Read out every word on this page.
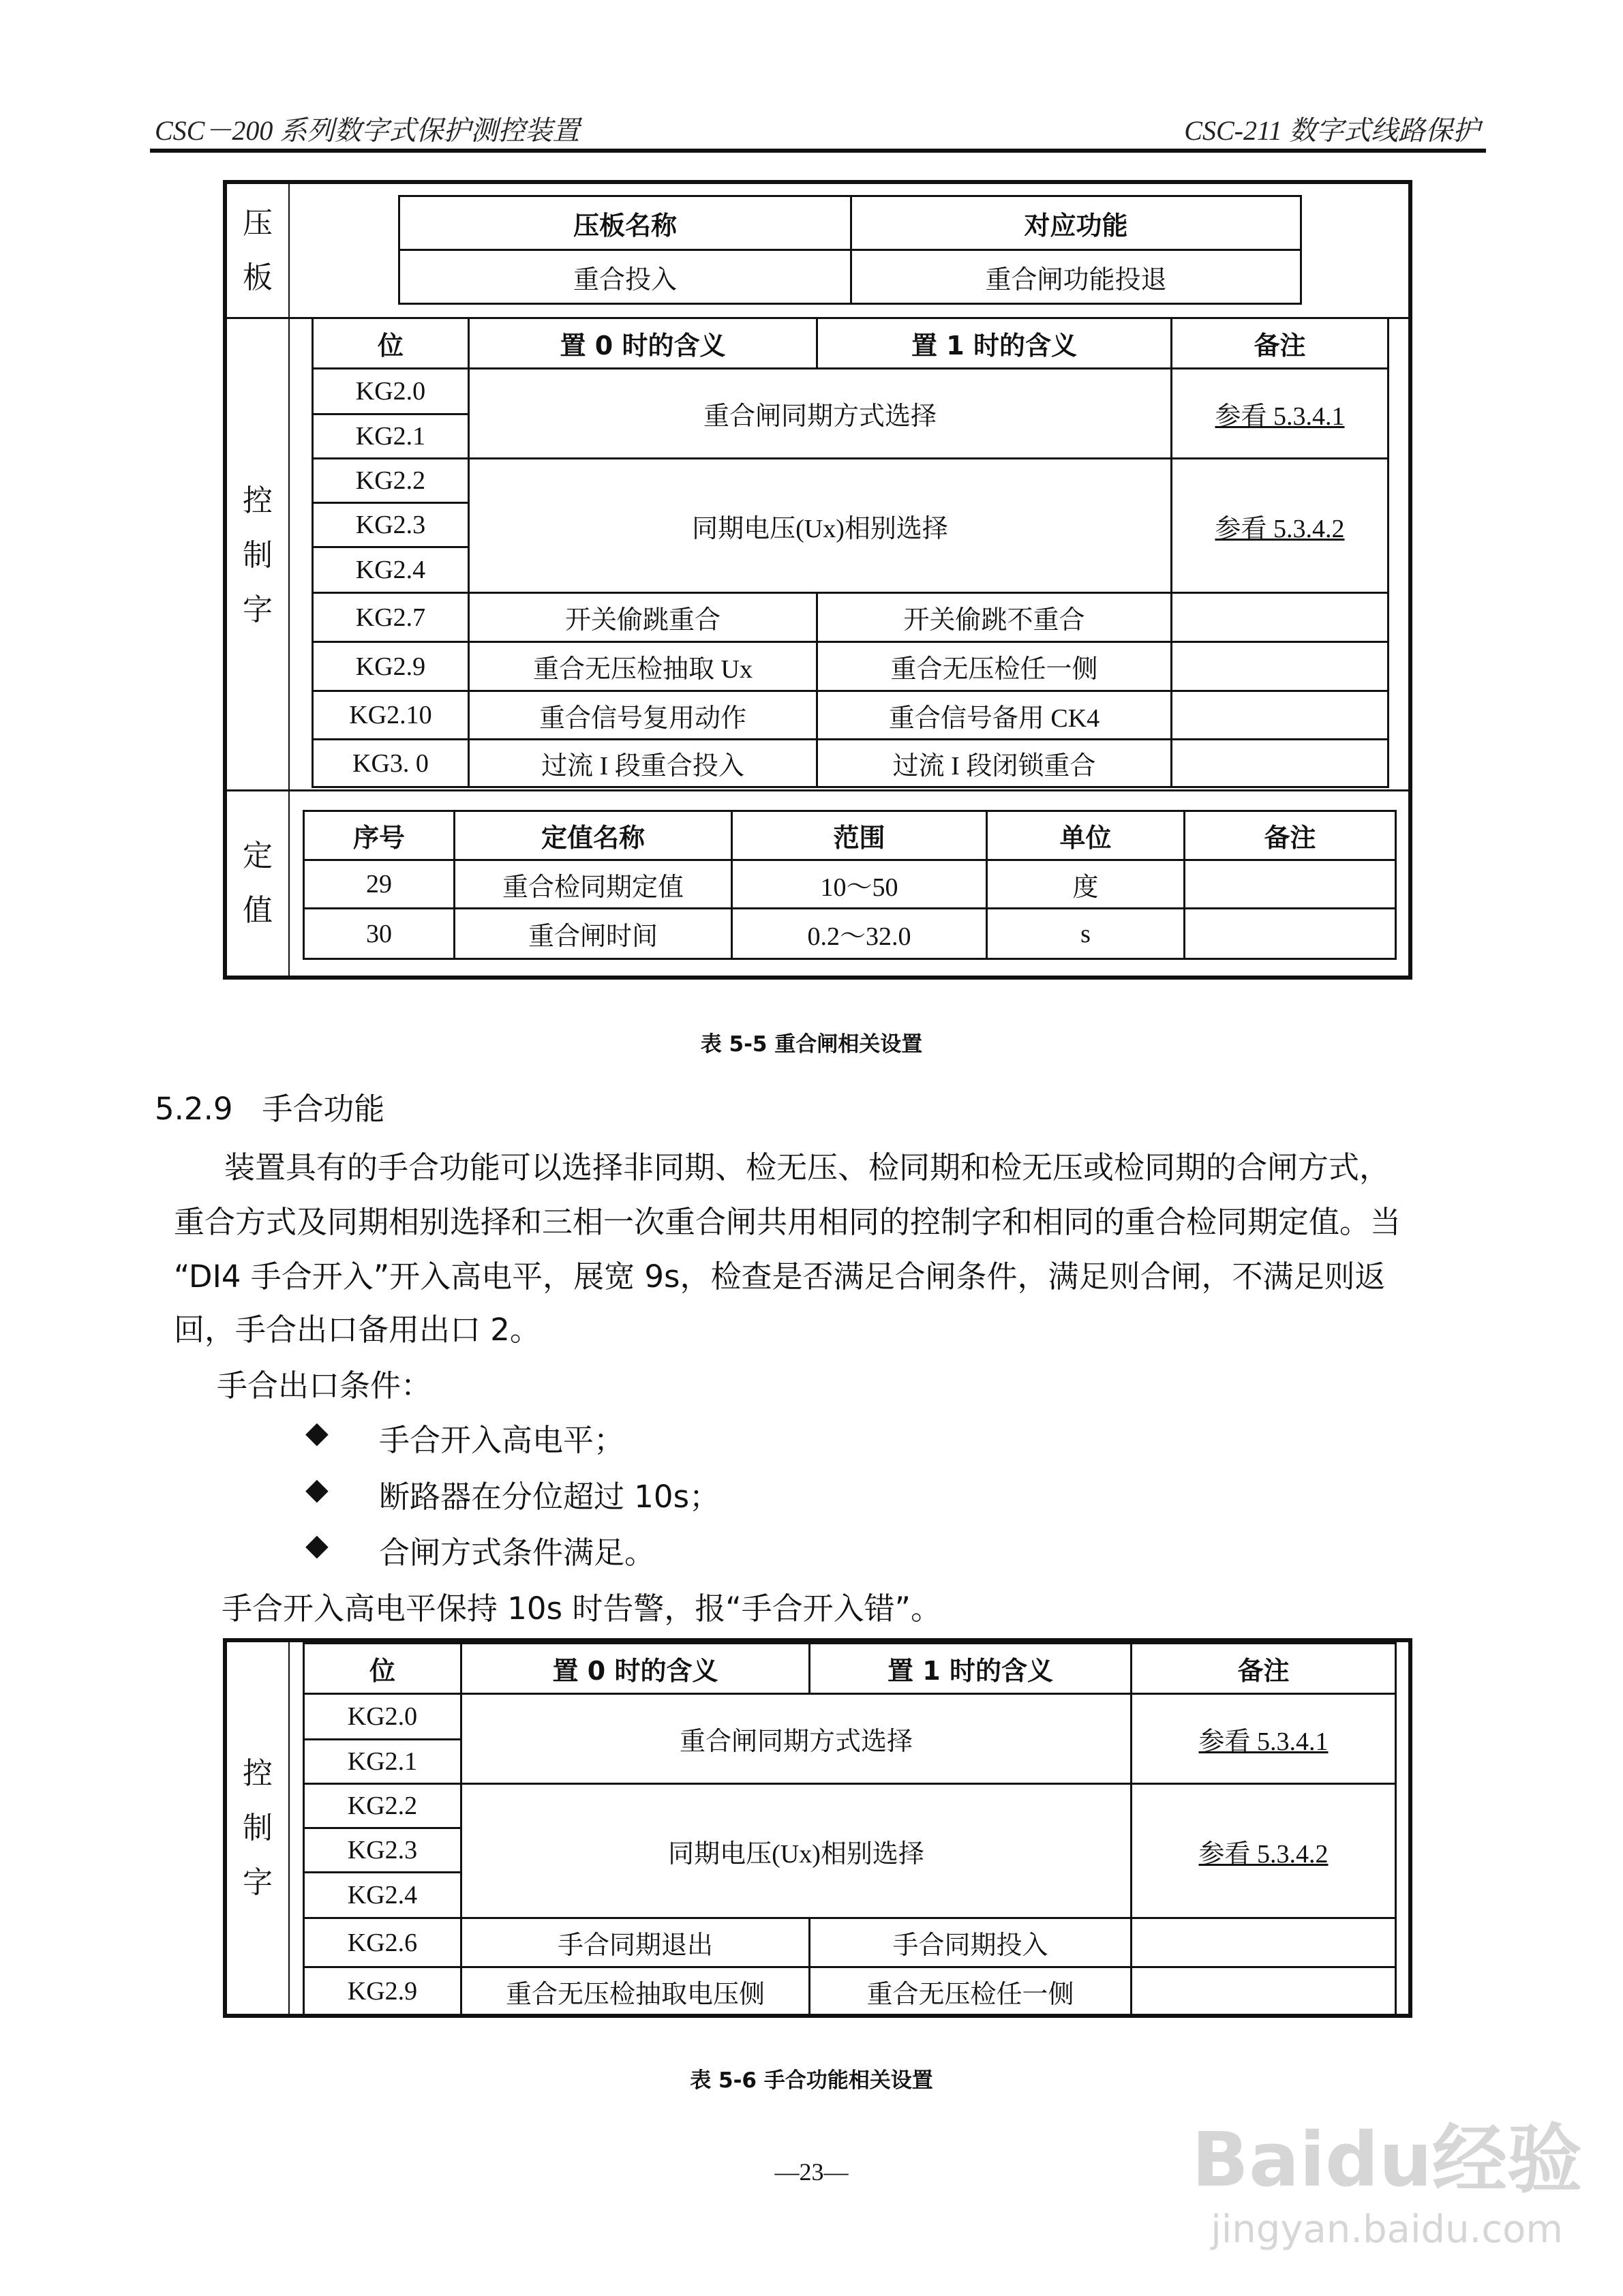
CSC－200 系列数字式保护测控装置	CSC-211 数字式线路保护
压
板
压板名称	对应功能
重合投入	重合闸功能投退
控
制
字
位	置 0 时的含义	置 1 时的含义	备注
KG2.0	重合闸同期方式选择		参看 5.3.4.1
KG2.1			
KG2.2	同期电压(Ux)相别选择		参看 5.3.4.2
KG2.3			
KG2.4			
KG2.7	开关偷跳重合	开关偷跳不重合	
KG2.9	重合无压检抽取 Ux	重合无压检任一侧	
KG2.10	重合信号复用动作	重合信号备用 CK4	
KG3. 0	过流 I 段重合投入	过流 I 段闭锁重合	
定
值
序号	定值名称	范围	单位	备注
29	重合检同期定值	10～50	度	
30	重合闸时间	0.2～32.0	s	
表 5-5 重合闸相关设置
5.2.9 手合功能
装置具有的手合功能可以选择非同期、检无压、检同期和检无压或检同期的合闸方式，
重合方式及同期相别选择和三相一次重合闸共用相同的控制字和相同的重合检同期定值。当
“DI4 手合开入”开入高电平，展宽 9s，检查是否满足合闸条件，满足则合闸，不满足则返
回，手合出口备用出口 2。
手合出口条件：
◆ 手合开入高电平；
◆ 断路器在分位超过 10s；
◆ 合闸方式条件满足。
手合开入高电平保持 10s 时告警，报“手合开入错”。
控
制
字
位	置 0 时的含义	置 1 时的含义	备注
KG2.0	重合闸同期方式选择		参看 5.3.4.1
KG2.1			
KG2.2	同期电压(Ux)相别选择		参看 5.3.4.2
KG2.3			
KG2.4			
KG2.6	手合同期退出	手合同期投入	
KG2.9	重合无压检抽取电压侧	重合无压检任一侧	
表 5-6 手合功能相关设置
—23—	Baidu经验
jingyan.baidu.com
